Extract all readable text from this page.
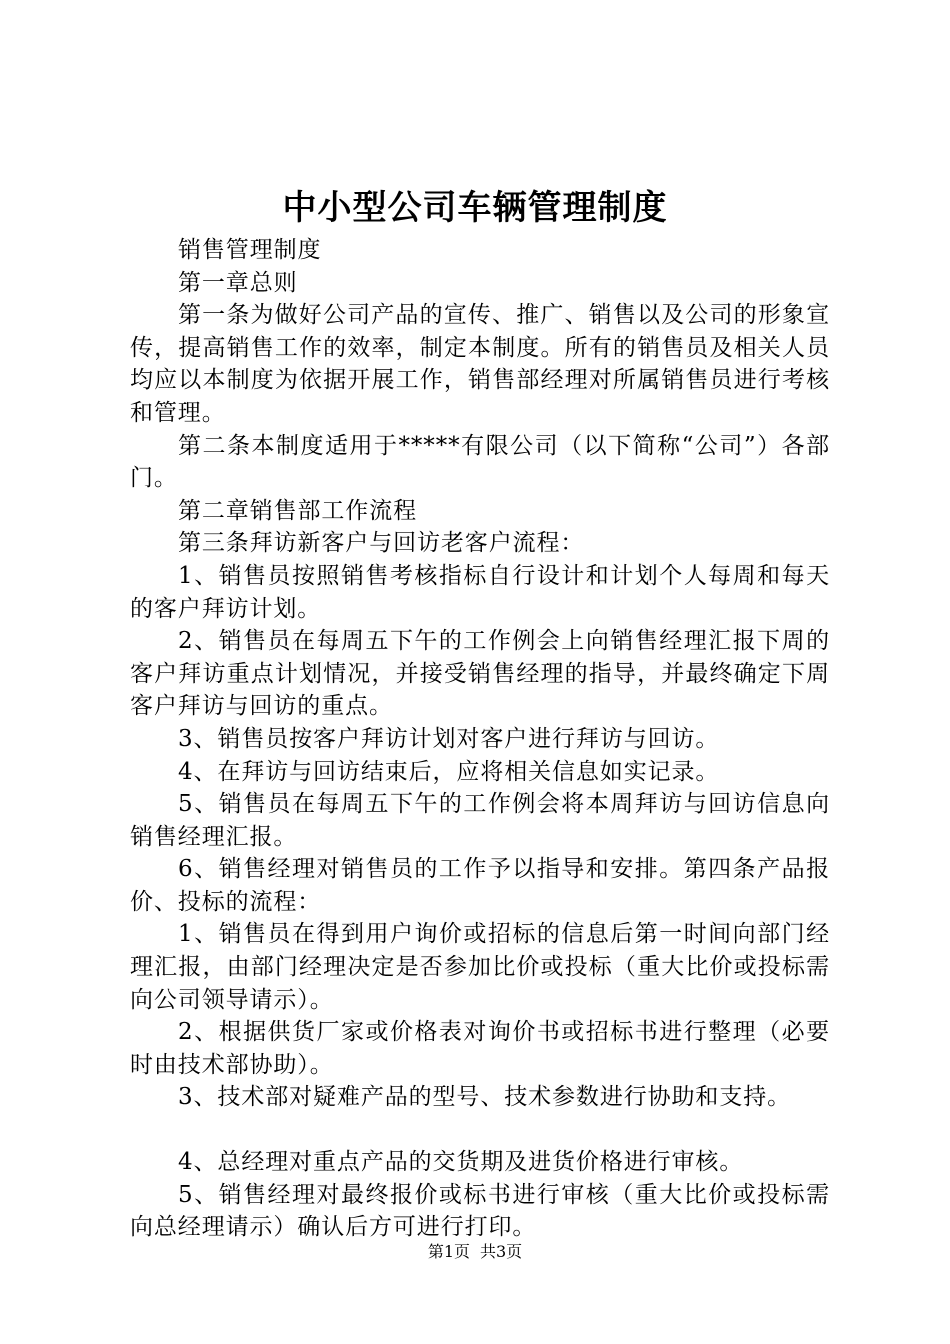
中小型公司车辆管理制度

销售管理制度

第一章总则

第一条为做好公司产品的宣传、推广、销售以及公司的形象宣传，提高销售工作的效率，制定本制度。所有的销售员及相关人员均应以本制度为依据开展工作，销售部经理对所属销售员进行考核和管理。

第二条本制度适用于*****有限公司（以下简称“公司”）各部门。

第二章销售部工作流程

第三条拜访新客户与回访老客户流程：

1、销售员按照销售考核指标自行设计和计划个人每周和每天的客户拜访计划。

2、销售员在每周五下午的工作例会上向销售经理汇报下周的客户拜访重点计划情况，并接受销售经理的指导，并最终确定下周客户拜访与回访的重点。

3、销售员按客户拜访计划对客户进行拜访与回访。

4、在拜访与回访结束后，应将相关信息如实记录。

5、销售员在每周五下午的工作例会将本周拜访与回访信息向销售经理汇报。

6、销售经理对销售员的工作予以指导和安排。第四条产品报价、投标的流程：

1、销售员在得到用户询价或招标的信息后第一时间向部门经理汇报，由部门经理决定是否参加比价或投标（重大比价或投标需向公司领导请示）。

2、根据供货厂家或价格表对询价书或招标书进行整理（必要时由技术部协助）。

3、技术部对疑难产品的型号、技术参数进行协助和支持。

4、总经理对重点产品的交货期及进货价格进行审核。

5、销售经理对最终报价或标书进行审核（重大比价或投标需向总经理请示）确认后方可进行打印。

第1页 共3页
